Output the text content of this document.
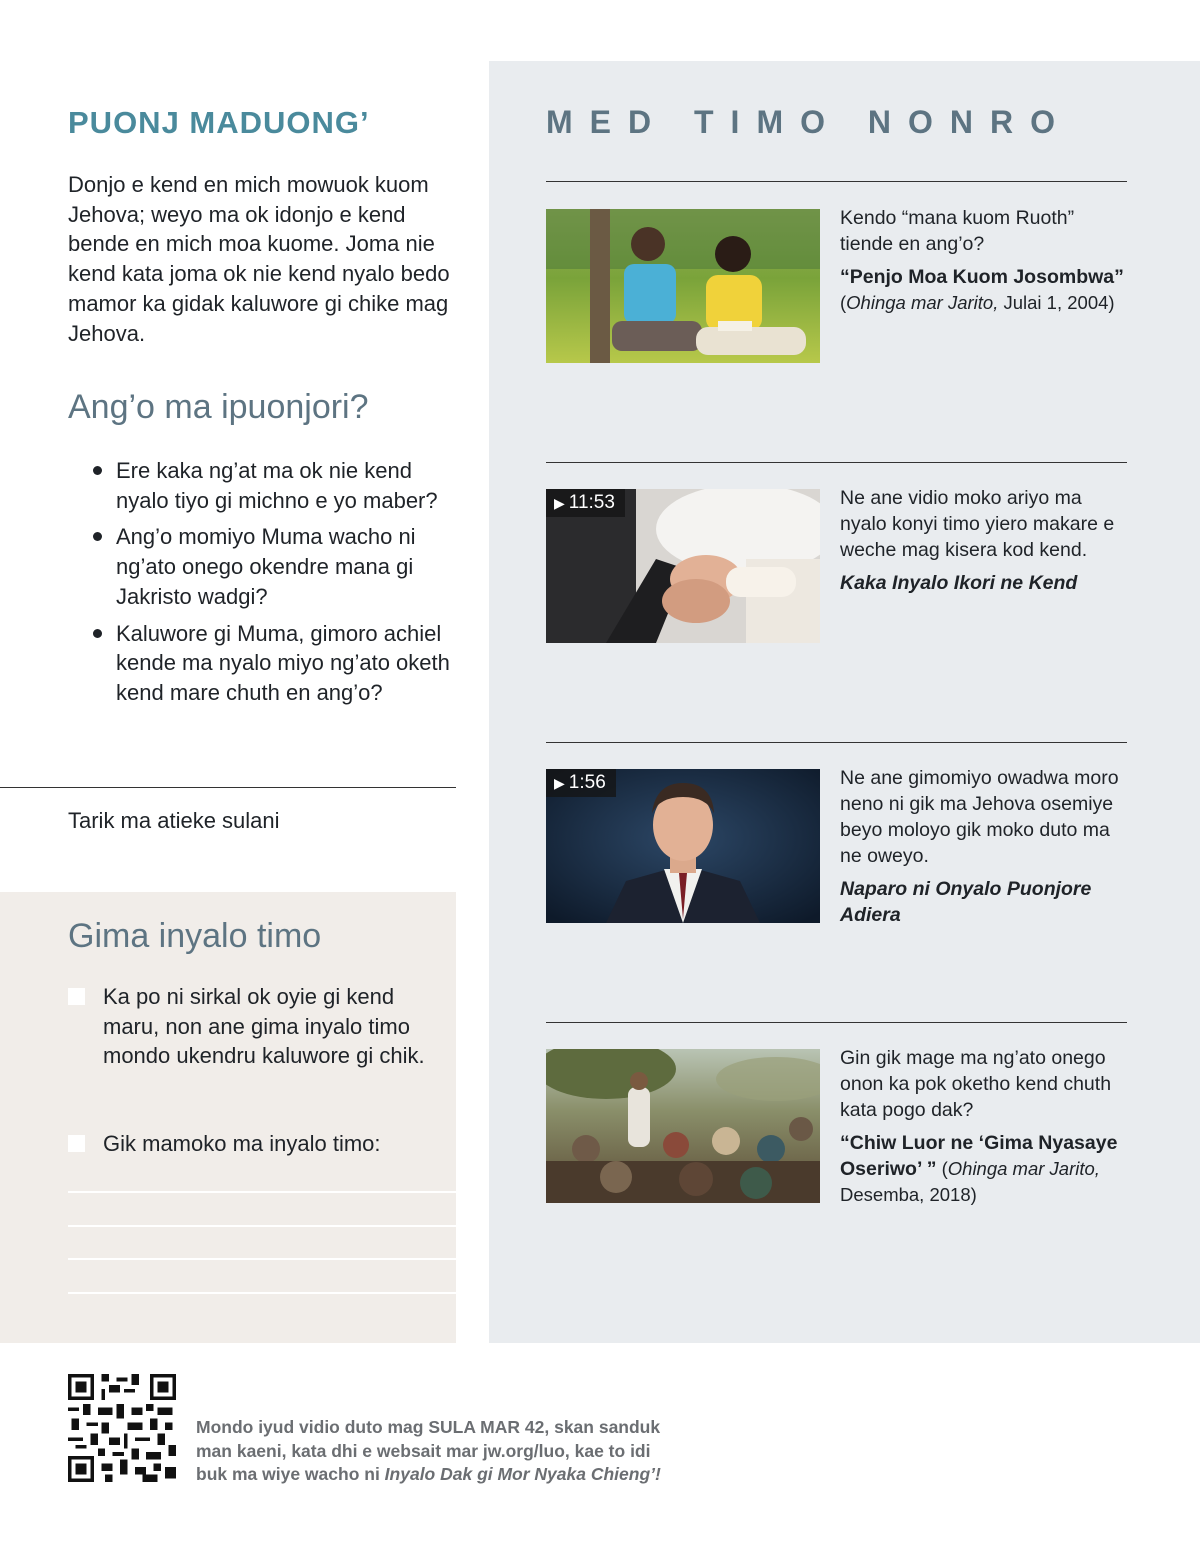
PUONJ MADUONG’

Donjo e kend en mich mowuok kuom Jehova; weyo ma ok idonjo e kend bende en mich moa kuome. Joma nie kend kata joma ok nie kend nyalo bedo mamor ka gidak kaluwore gi chike mag Jehova.

Ang’o ma ipuonjori?
Ere kaka ng’at ma ok nie kend nyalo tiyo gi michno e yo maber?
Ang’o momiyo Muma wacho ni ng’ato onego okendre mana gi Jakristo wadgi?
Kaluwore gi Muma, gimoro achiel kende ma nyalo miyo ng’ato oketh kend mare chuth en ang’o?

Tarik ma atieke sulani

Gima inyalo timo
Ka po ni sirkal ok oyie gi kend maru, non ane gima inyalo timo mondo ukendru kaluwore gi chik.
Gik mamoko ma inyalo timo:
MED TIMO NONRO
Kendo “mana kuom Ruoth” tiende en ang’o?
“Penjo Moa Kuom Josombwa” (Ohinga mar Jarito, Julai 1, 2004)
▶ 11:53	Ne ane vidio moko ariyo ma nyalo konyi timo yiero makare e weche mag kisera kod kend.
Kaka Inyalo Ikori ne Kend
▶ 1:56	Ne ane gimomiyo owadwa moro neno ni gik ma Jehova osemiye beyo moloyo gik moko duto ma ne oweyo.
Naparo ni Onyalo Puonjore Adiera
Gin gik mage ma ng’ato onego onon ka pok oketho kend chuth kata pogo dak?
“Chiw Luor ne ‘Gima Nyasaye Oseriwo’ ” (Ohinga mar Jarito, Desemba, 2018)

Mondo iyud vidio duto mag SULA MAR 42, skan sanduk man kaeni, kata dhi e websait mar jw.org/luo, kae to idi buk ma wiye wacho ni Inyalo Dak gi Mor Nyaka Chieng’!
